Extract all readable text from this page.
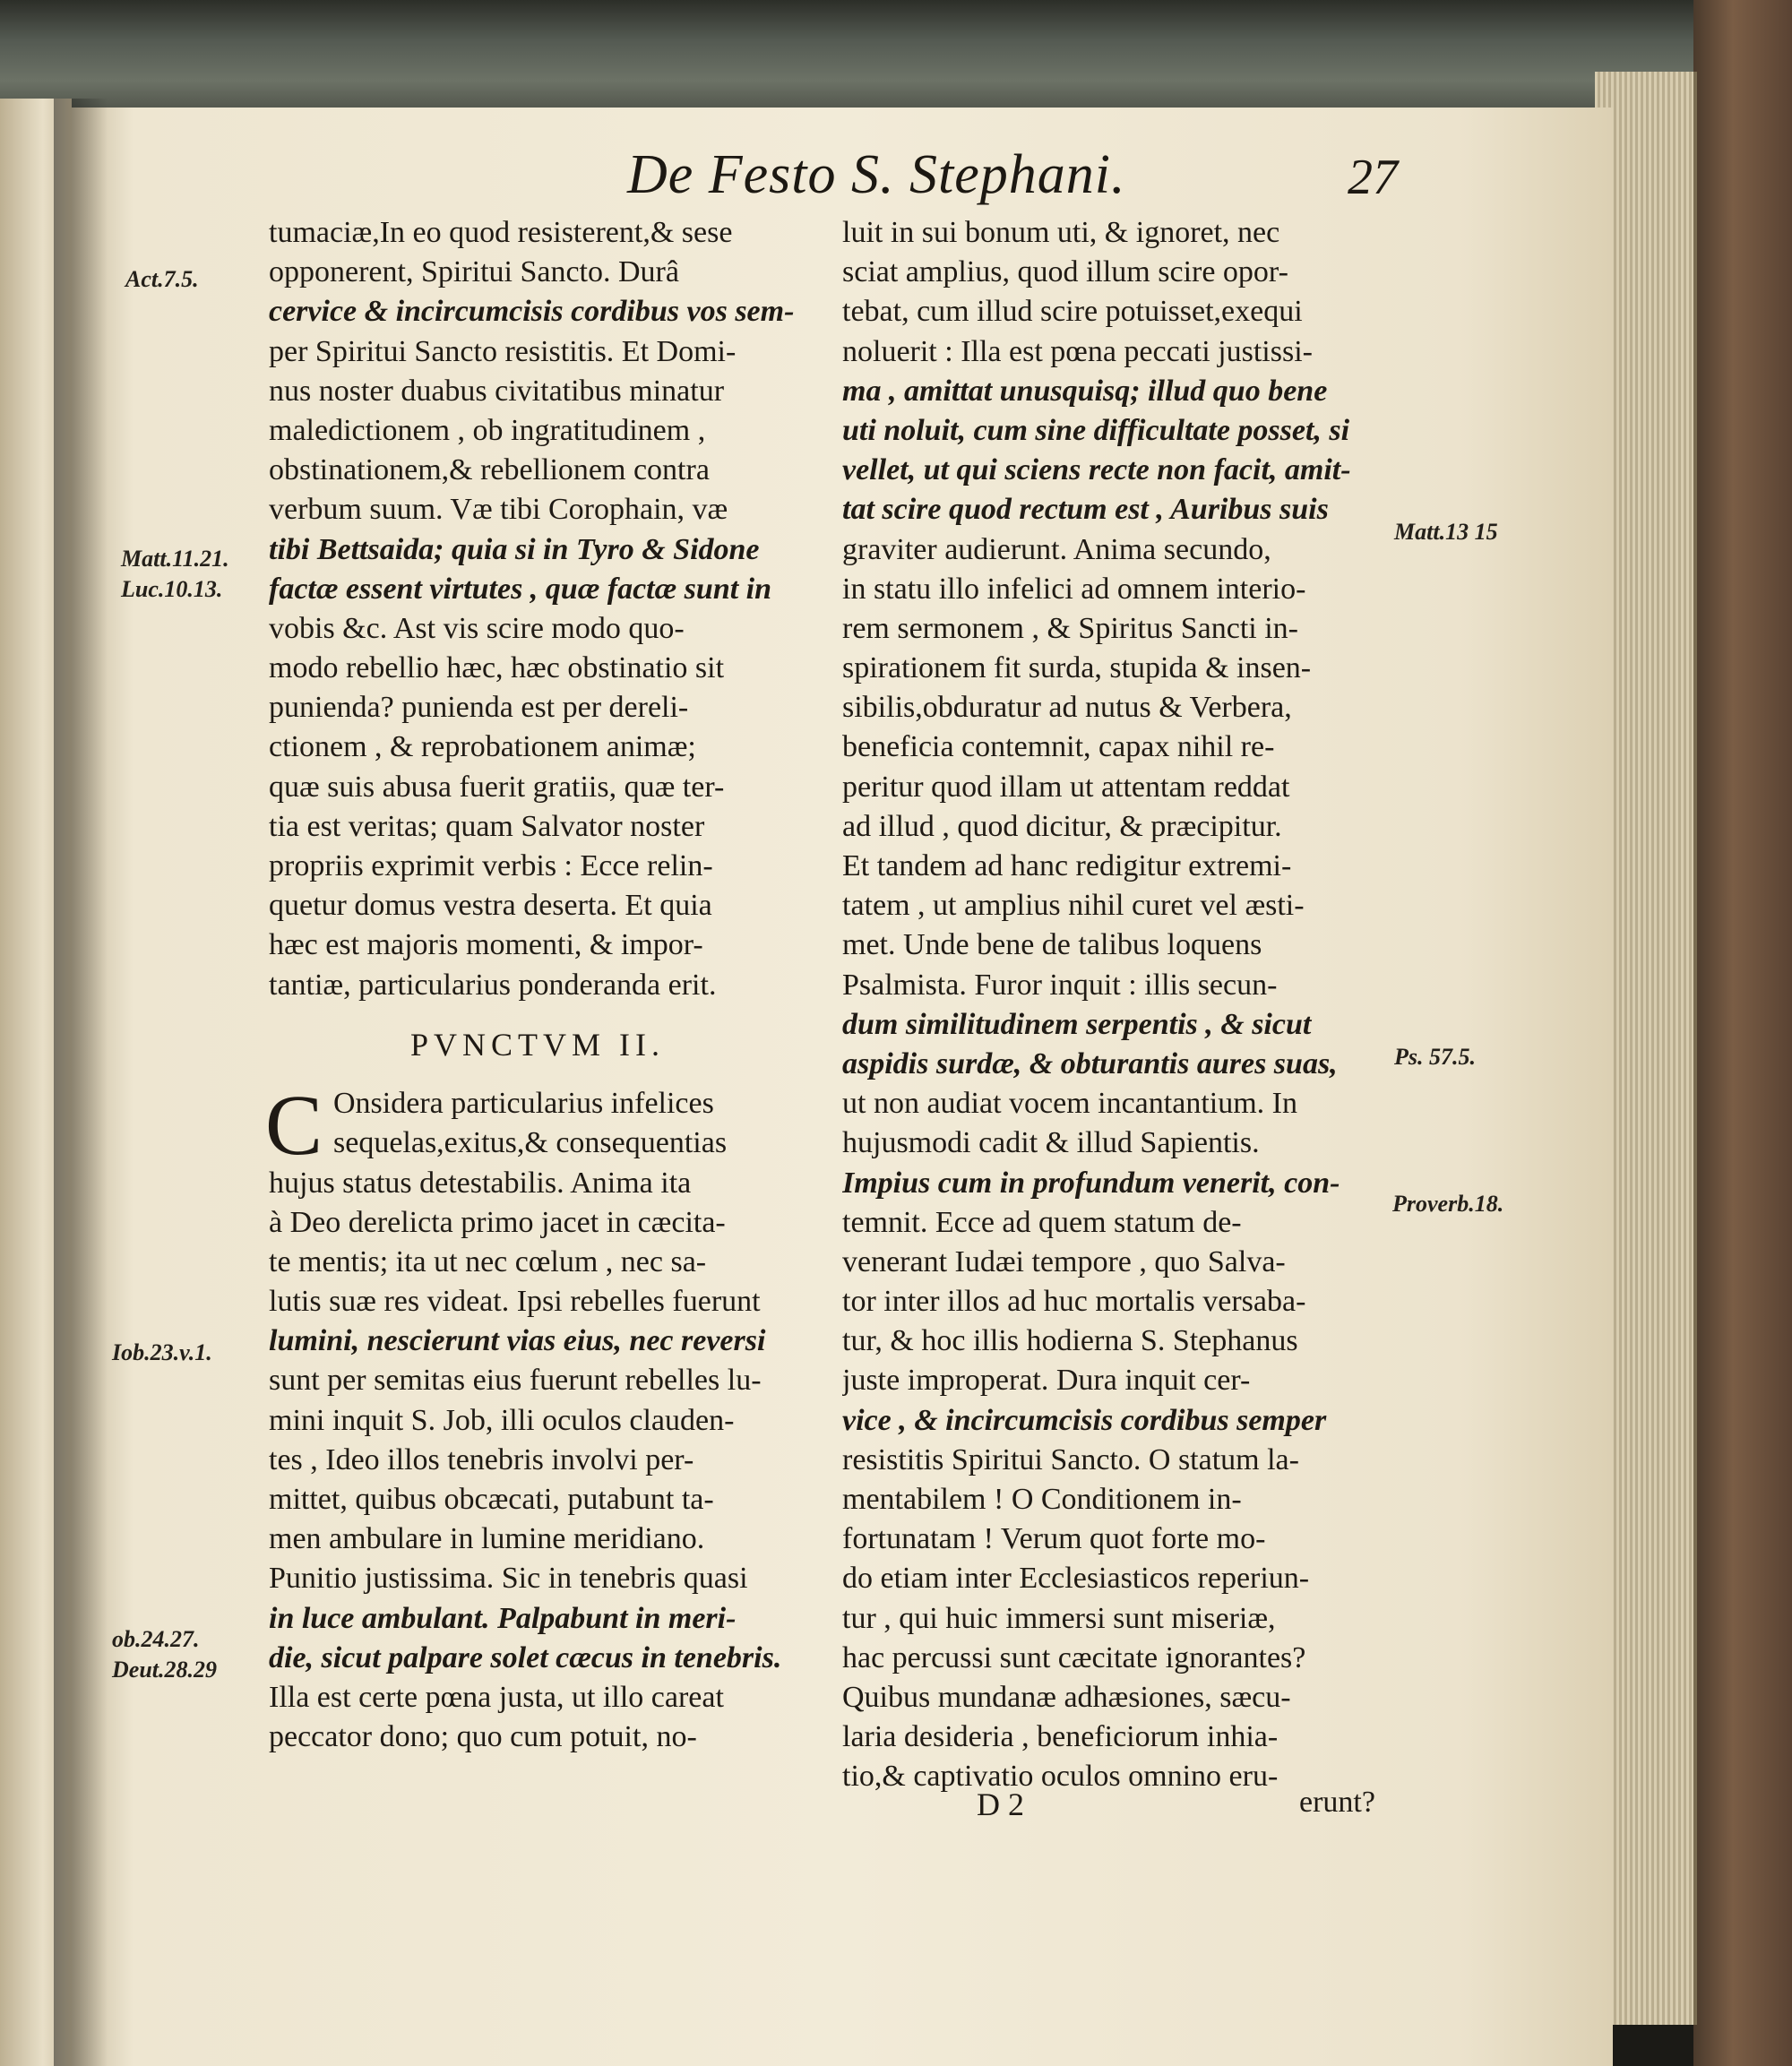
De Festo S. Stephani.	27
Act.7.5.
Matt.11.21.
Luc.10.13.
Iob.23.v.1.
ob.24.27.
Deut.28.29
Matt.13 15
Ps. 57.5.
Proverb.18.
tumaciæ,In eo quod resisterent,& sese
opponerent, Spiritui Sancto. Durâ
cervice & incircumcisis cordibus vos sem-
per Spiritui Sancto resistitis. Et Domi-
nus noster duabus civitatibus minatur
maledictionem , ob ingratitudinem ,
obstinationem,& rebellionem contra
verbum suum. Væ tibi Corophain, væ
tibi Bettsaida; quia si in Tyro & Sidone
factæ essent virtutes , quæ factæ sunt in
vobis &c. Ast vis scire modo quo-
modo rebellio hæc, hæc obstinatio sit
punienda? punienda est per dereli-
ctionem , & reprobationem animæ;
quæ suis abusa fuerit gratiis, quæ ter-
tia est veritas; quam Salvator noster
propriis exprimit verbis : Ecce relin-
quetur domus vestra deserta. Et quia
hæc est majoris momenti, & impor-
tantiæ, particularius ponderanda erit.
PVNCTVM II.
C Onsidera particularius infelices
sequelas,exitus,& consequentias
hujus status detestabilis. Anima ita
à Deo derelicta primo jacet in cæcita-
te mentis; ita ut nec cœlum , nec sa-
lutis suæ res videat. Ipsi rebelles fuerunt
lumini, nescierunt vias eius, nec reversi
sunt per semitas eius fuerunt rebelles lu-
mini inquit S. Job, illi oculos clauden-
tes , Ideo illos tenebris involvi per-
mittet, quibus obcæcati, putabunt ta-
men ambulare in lumine meridiano.
Punitio justissima. Sic in tenebris quasi
in luce ambulant. Palpabunt in meri-
die, sicut palpare solet cæcus in tenebris.
Illa est certe pœna justa, ut illo careat
peccator dono; quo cum potuit, no-
luit in sui bonum uti, & ignoret, nec
sciat amplius, quod illum scire opor-
tebat, cum illud scire potuisset,exequi
noluerit : Illa est pœna peccati justissi-
ma , amittat unusquisq; illud quo bene
uti noluit, cum sine difficultate posset, si
vellet, ut qui sciens recte non facit, amit-
tat scire quod rectum est , Auribus suis
graviter audierunt. Anima secundo,
in statu illo infelici ad omnem interio-
rem sermonem , & Spiritus Sancti in-
spirationem fit surda, stupida & insen-
sibilis,obduratur ad nutus & Verbera,
beneficia contemnit, capax nihil re-
peritur quod illam ut attentam reddat
ad illud , quod dicitur, & præcipitur.
Et tandem ad hanc redigitur extremi-
tatem , ut amplius nihil curet vel æsti-
met. Unde bene de talibus loquens
Psalmista. Furor inquit : illis secun-
dum similitudinem serpentis , & sicut
aspidis surdæ, & obturantis aures suas,
ut non audiat vocem incantantium. In
hujusmodi cadit & illud Sapientis.
Impius cum in profundum venerit, con-
temnit. Ecce ad quem statum de-
venerant Iudæi tempore , quo Salva-
tor inter illos ad huc mortalis versaba-
tur, & hoc illis hodierna S. Stephanus
juste improperat. Dura inquit cer-
vice , & incircumcisis cordibus semper
resistitis Spiritui Sancto. O statum la-
mentabilem ! O Conditionem in-
fortunatam ! Verum quot forte mo-
do etiam inter Ecclesiasticos reperiun-
tur , qui huic immersi sunt miseriæ,
hac percussi sunt cæcitate ignorantes?
Quibus mundanæ adhæsiones, sæcu-
laria desideria , beneficiorum inhia-
tio,& captivatio oculos omnino eru-
D 2	erunt?
